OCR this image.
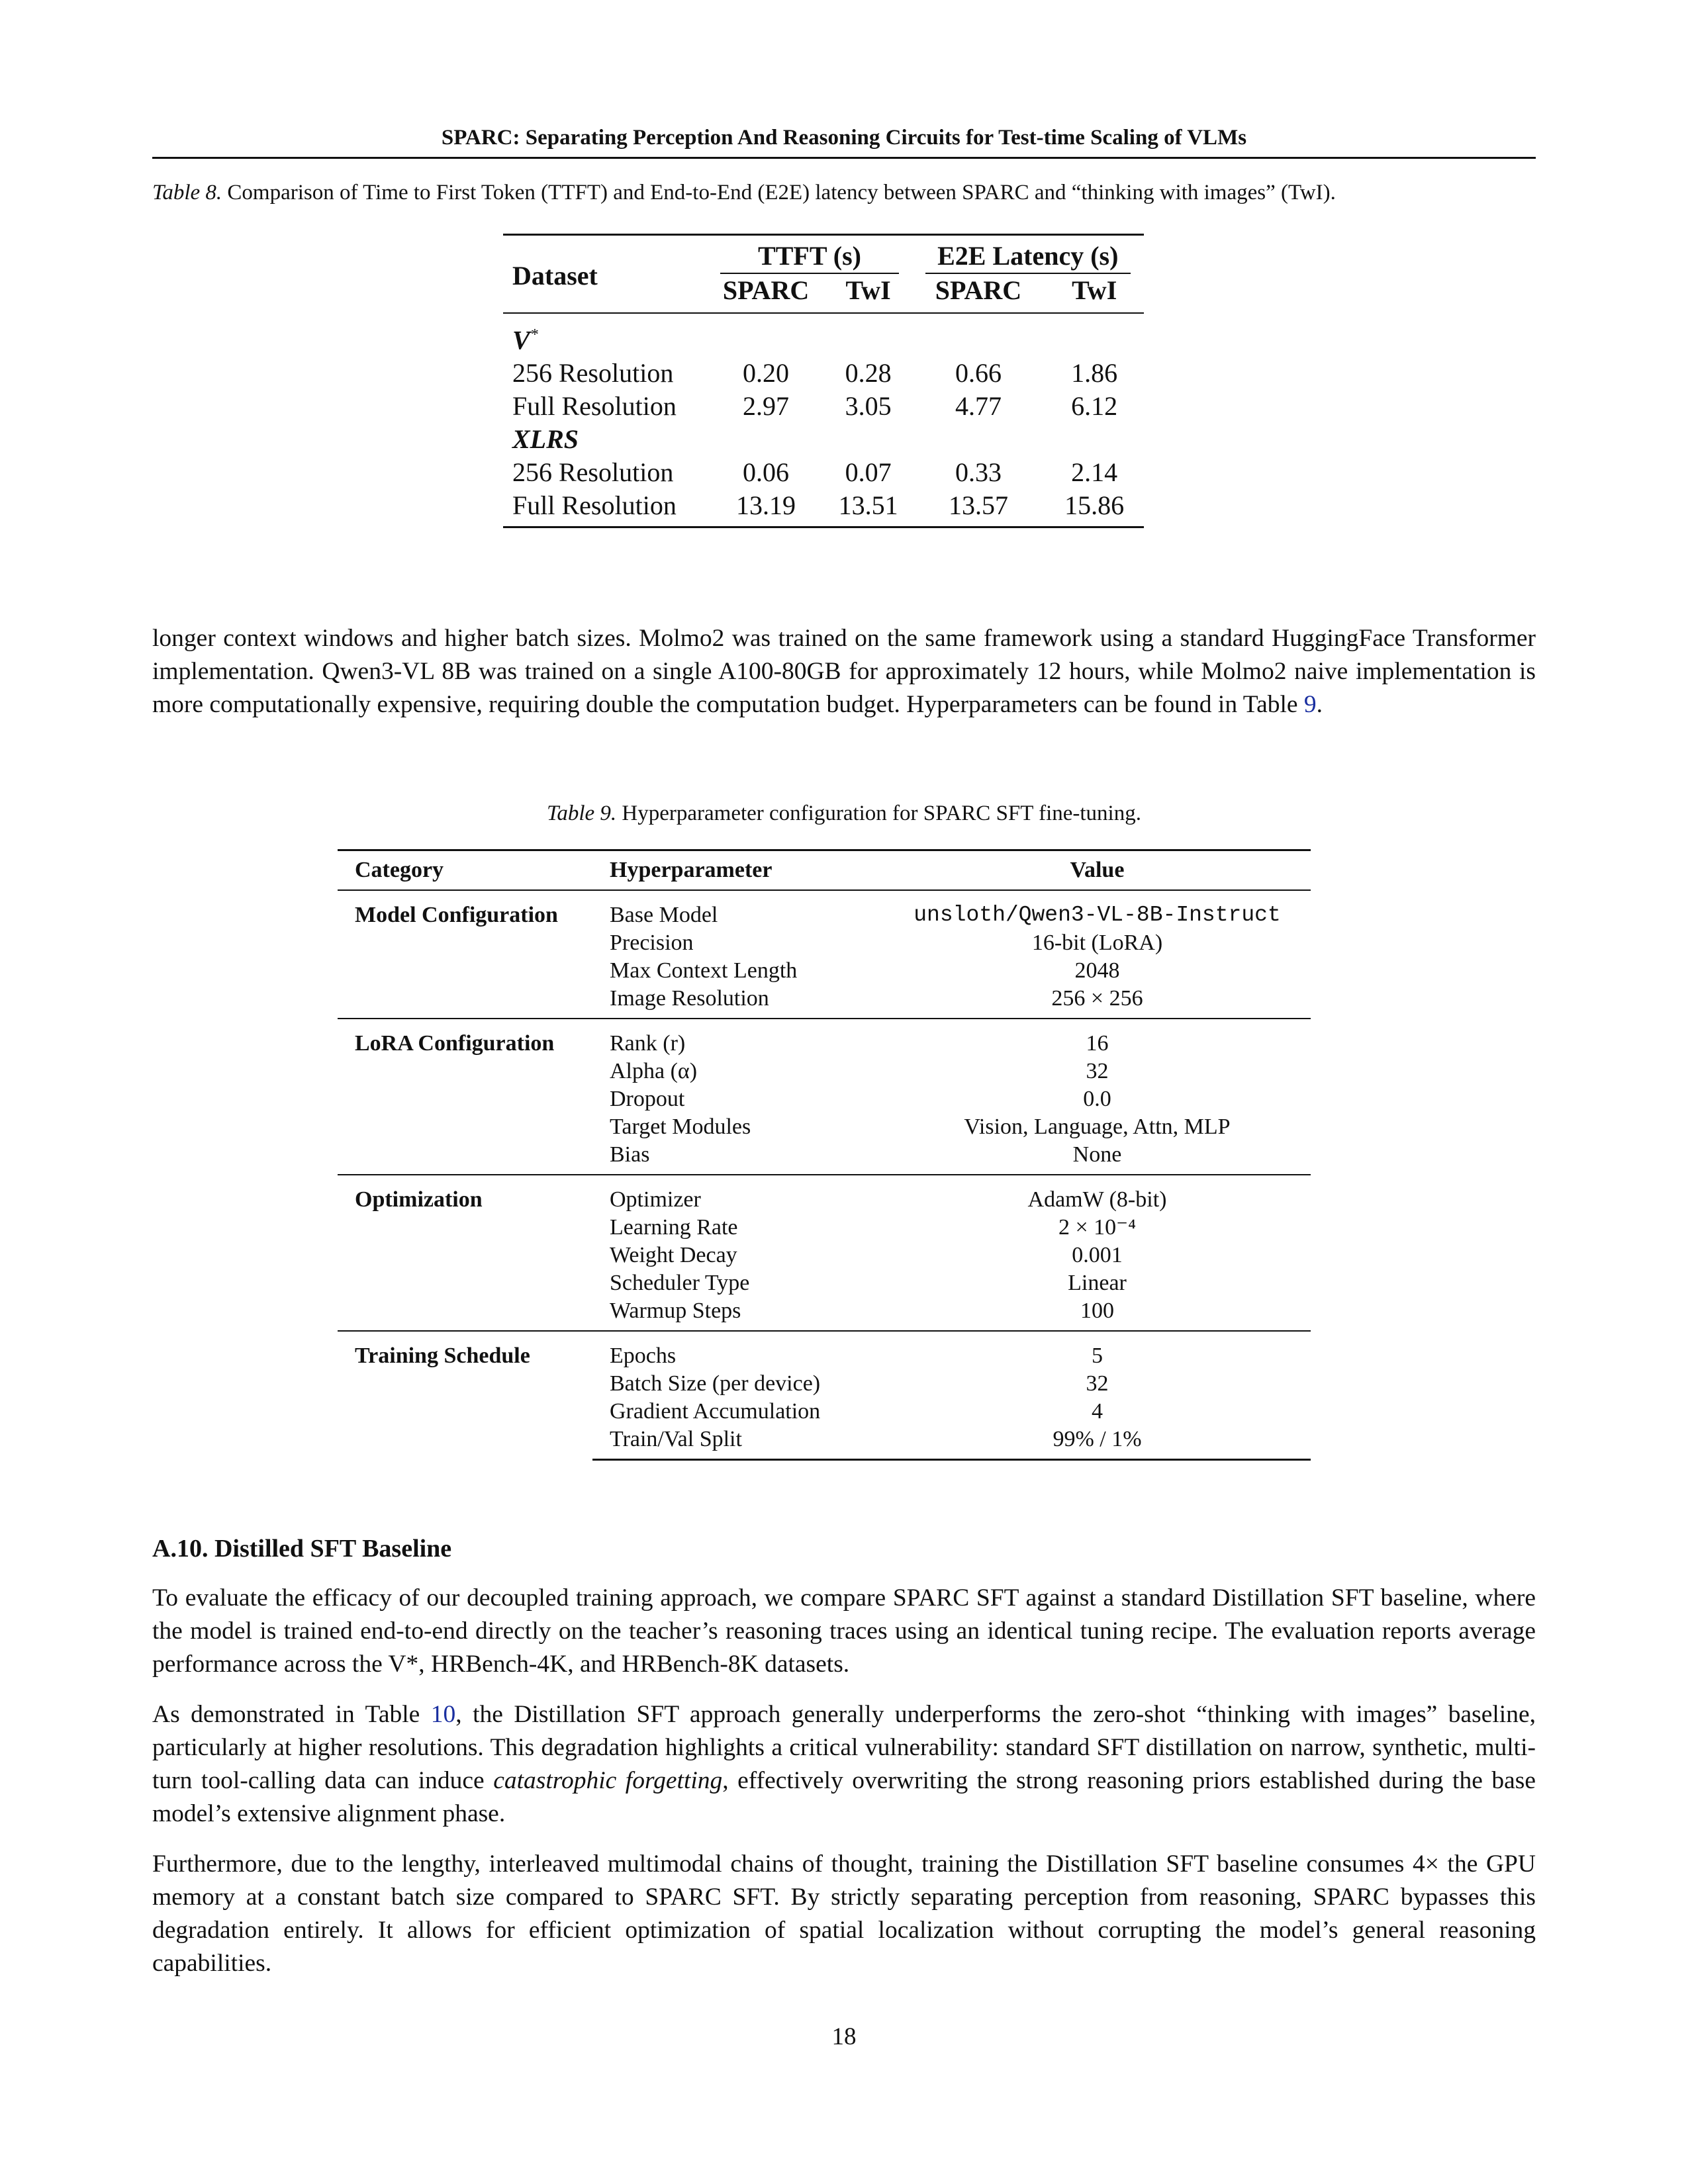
SPARC: Separating Perception And Reasoning Circuits for Test-time Scaling of VLMs
Table 8. Comparison of Time to First Token (TTFT) and End-to-End (E2E) latency between SPARC and “thinking with images” (TwI).
Dataset	TTFT (s)		E2E Latency (s)	

	SPARC	TwI	SPARC	TwI

V*
256 Resolution	0.20	0.28	0.66	1.86
Full Resolution	2.97	3.05	4.77	6.12
XLRS				
256 Resolution	0.06	0.07	0.33	2.14
Full Resolution	13.19	13.51	13.57	15.86
longer context windows and higher batch sizes. Molmo2 was trained on the same framework using a standard HuggingFace Transformer implementation. Qwen3-VL 8B was trained on a single A100-80GB for approximately 12 hours, while Molmo2 naive implementation is more computationally expensive, requiring double the computation budget. Hyperparameters can be found in Table 9.
Table 9. Hyperparameter configuration for SPARC SFT fine-tuning.
Category	Hyperparameter	Value
Model Configuration	Base Model	unsloth/Qwen3-VL-8B-Instruct
	Precision	16-bit (LoRA)
	Max Context Length	2048
	Image Resolution	256 × 256
LoRA Configuration	Rank (r)	16
	Alpha (α)	32
	Dropout	0.0
	Target Modules	Vision, Language, Attn, MLP
	Bias	None
Optimization	Optimizer	AdamW (8-bit)
	Learning Rate	2 × 10⁻⁴
	Weight Decay	0.001
	Scheduler Type	Linear
	Warmup Steps	100
Training Schedule	Epochs	5
	Batch Size (per device)	32
	Gradient Accumulation	4
	Train/Val Split	99% / 1%
A.10. Distilled SFT Baseline
To evaluate the efficacy of our decoupled training approach, we compare SPARC SFT against a standard Distillation SFT baseline, where the model is trained end-to-end directly on the teacher’s reasoning traces using an identical tuning recipe. The evaluation reports average performance across the V*, HRBench-4K, and HRBench-8K datasets.
As demonstrated in Table 10, the Distillation SFT approach generally underperforms the zero-shot “thinking with images” baseline, particularly at higher resolutions. This degradation highlights a critical vulnerability: standard SFT distillation on narrow, synthetic, multi-turn tool-calling data can induce catastrophic forgetting, effectively overwriting the strong reasoning priors established during the base model’s extensive alignment phase.
Furthermore, due to the lengthy, interleaved multimodal chains of thought, training the Distillation SFT baseline consumes 4× the GPU memory at a constant batch size compared to SPARC SFT. By strictly separating perception from reasoning, SPARC bypasses this degradation entirely. It allows for efficient optimization of spatial localization without corrupting the model’s general reasoning capabilities.
18
